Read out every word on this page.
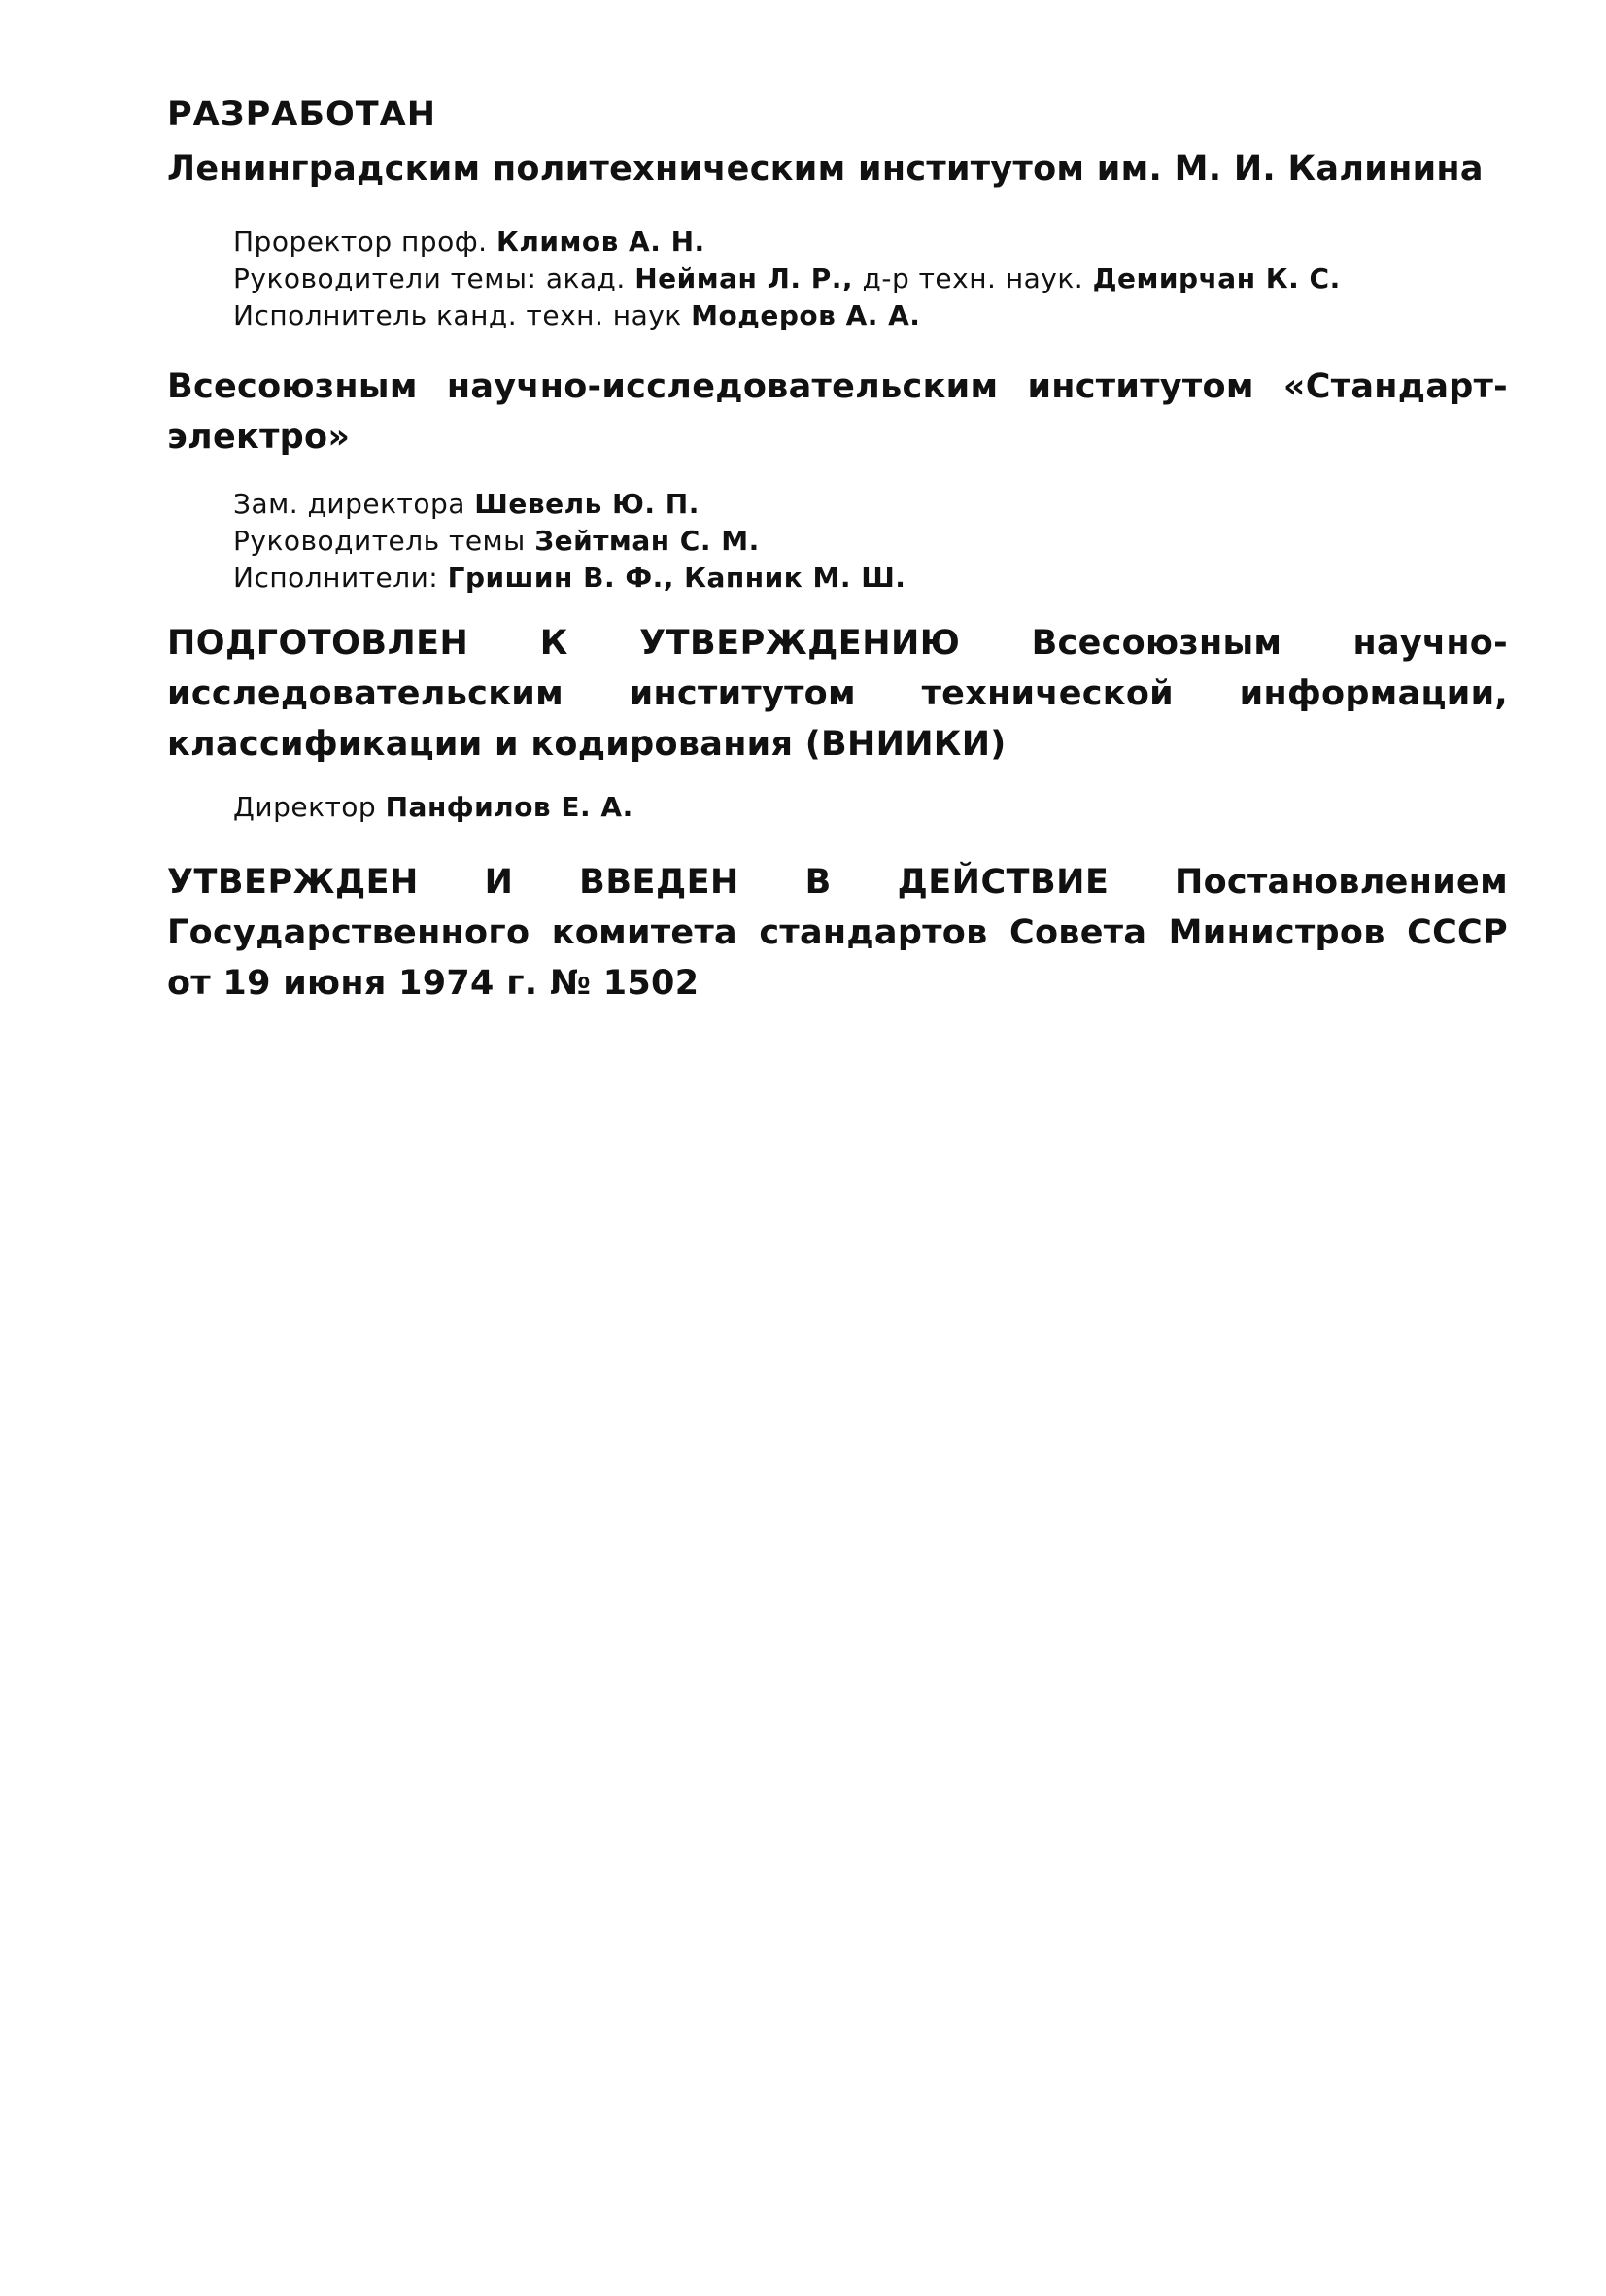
РАЗРАБОТАН
Ленинградским политехническим институтом им. М. И. Калинина
Проректор проф. Климов А. Н.
Руководители темы: акад. Нейман Л. Р., д-р техн. наук. Демирчан К. С.
Исполнитель канд. техн. наук Модеров А. А.
Всесоюзным научно-исследовательским институтом «Стандарт-электро»
Зам. директора Шевель Ю. П.
Руководитель темы Зейтман С. М.
Исполнители: Гришин В. Ф., Капник М. Ш.
ПОДГОТОВЛЕН К УТВЕРЖДЕНИЮ Всесоюзным научно-исследовательским институтом технической информации, классификации и кодирования (ВНИИКИ)
Директор Панфилов Е. А.
УТВЕРЖДЕН И ВВЕДЕН В ДЕЙСТВИЕ Постановлением Государственного комитета стандартов Совета Министров СССР от 19 июня 1974 г. № 1502
